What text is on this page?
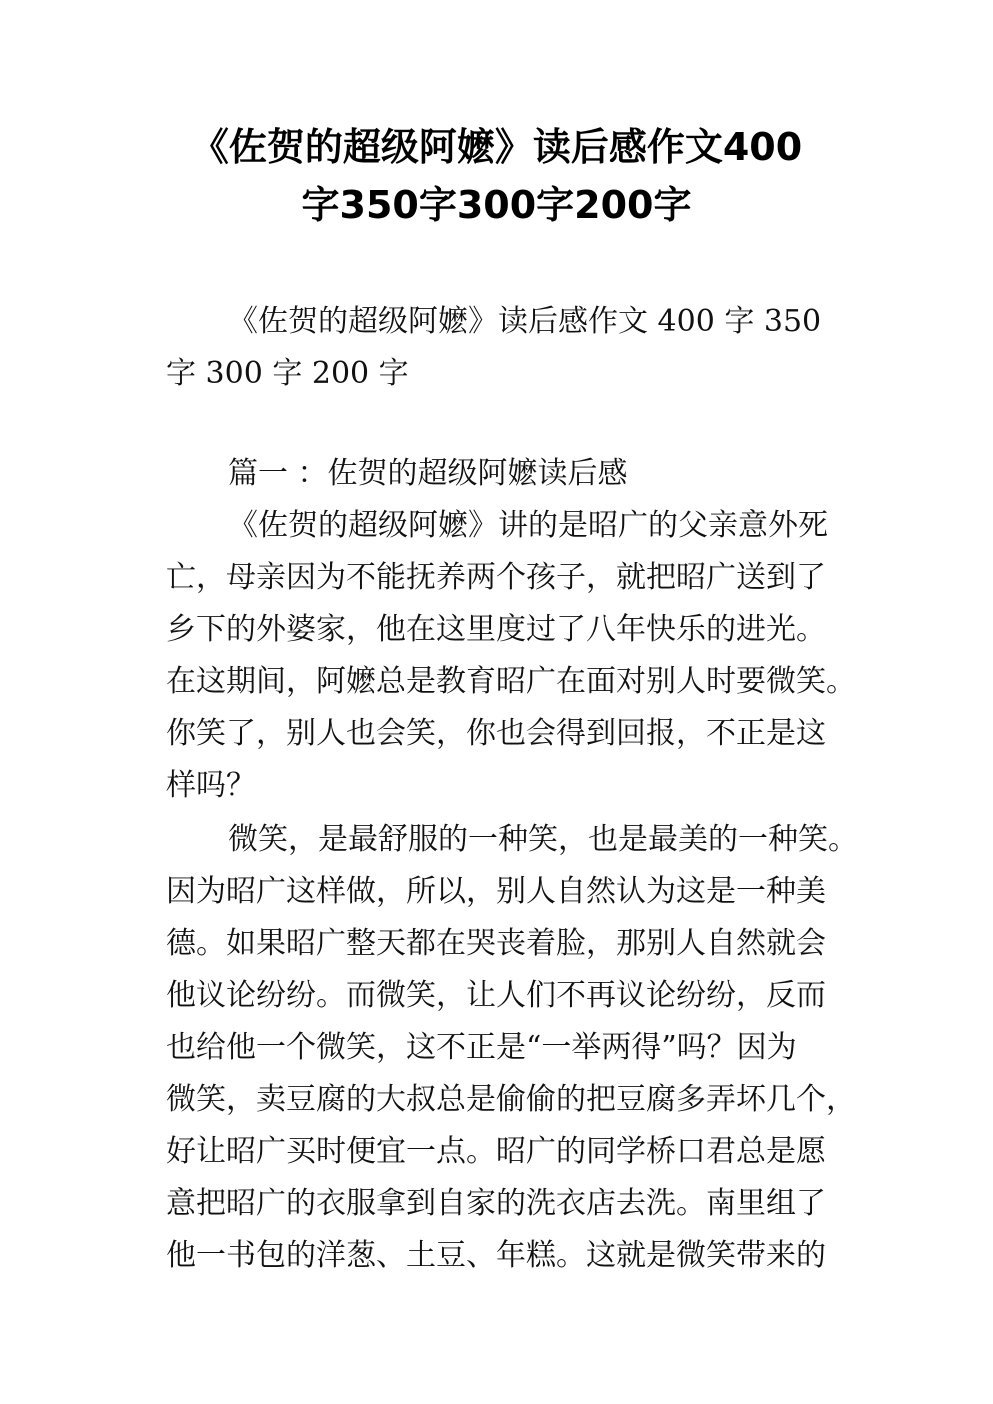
《佐贺的超级阿嬷》读后感作文400
字350字300字200字
《佐贺的超级阿嬷》读后感作文 400 字 350
字 300 字 200 字
篇一 ：佐贺的超级阿嬷读后感
《佐贺的超级阿嬷》讲的是昭广的父亲意外死
亡，母亲因为不能抚养两个孩子，就把昭广送到了
乡下的外婆家，他在这里度过了八年快乐的进光。
在这期间，阿嬷总是教育昭广在面对别人时要微笑。
你笑了，别人也会笑，你也会得到回报，不正是这
样吗？
微笑，是最舒服的一种笑，也是最美的一种笑。
因为昭广这样做，所以，别人自然认为这是一种美
德。如果昭广整天都在哭丧着脸，那别人自然就会
他议论纷纷。而微笑，让人们不再议论纷纷，反而
也给他一个微笑，这不正是“一举两得”吗？因为
微笑，卖豆腐的大叔总是偷偷的把豆腐多弄坏几个，
好让昭广买时便宜一点。昭广的同学桥口君总是愿
意把昭广的衣服拿到自家的洗衣店去洗。南里组了
他一书包的洋葱、土豆、年糕。这就是微笑带来的
